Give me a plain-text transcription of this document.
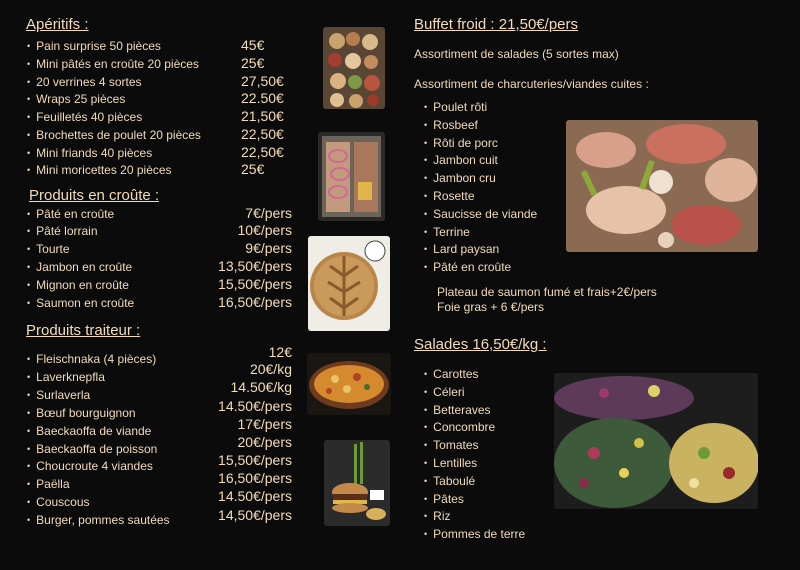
Apéritifs :
• Pain surprise 50 pièces	45€
• Mini pâtés en croûte 20 pièces	25€
• 20 verrines 4 sortes	27,50€
• Wraps 25 pièces	22.50€
• Feuilletés 40 pièces	21,50€
• Brochettes de poulet 20 pièces	22,50€
• Mini friands 40 pièces	22,50€
• Mini moricettes 20 pièces	25€
Produits en croûte :
• Pâté en croûte	7€/pers
• Pâté lorrain	10€/pers
• Tourte	9€/pers
• Jambon en croûte	13,50€/pers
• Mignon en croûte	15,50€/pers
• Saumon en croûte	16,50€/pers
Produits traiteur :
• Fleischnaka (4 pièces)	12€
• Laverknepfla	20€/kg
• Surlaverla	14.50€/kg
• Bœuf bourguignon	14.50€/pers
• Baeckaoffa de viande	17€/pers
• Baeckaoffa de poisson	20€/pers
• Choucroute 4 viandes	15,50€/pers
• Paëlla	16,50€/pers
• Couscous	14.50€/pers
• Burger, pommes sautées	14,50€/pers
Buffet froid : 21,50€/pers
Assortiment de salades (5 sortes max)
Assortiment de charcuteries/viandes cuites :
• Poulet rôti
• Rosbeef
• Rôti de porc
• Jambon cuit
• Jambon cru
• Rosette
• Saucisse de viande
• Terrine
• Lard paysan
• Pâté en croûte
Plateau de saumon fumé et frais+2€/pers
Foie gras + 6 €/pers
Salades 16,50€/kg :
• Carottes
• Céleri
• Betteraves
• Concombre
• Tomates
• Lentilles
• Taboulé
• Pâtes
• Riz
• Pommes de terre
